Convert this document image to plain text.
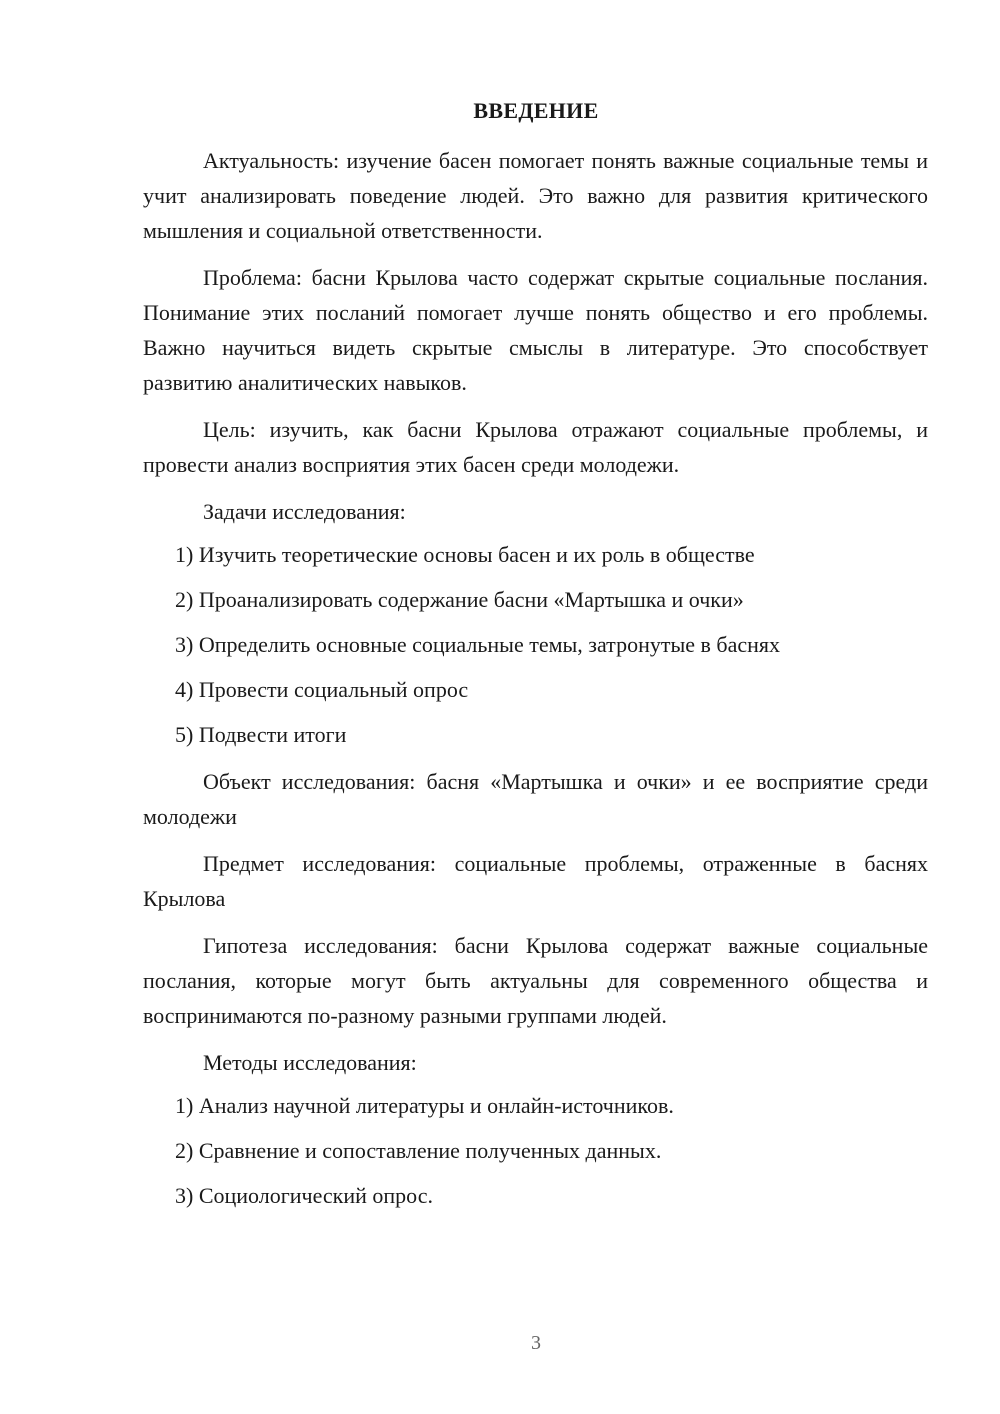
ВВЕДЕНИЕ

Актуальность: изучение басен помогает понять важные социальные темы и учит анализировать поведение людей. Это важно для развития критического мышления и социальной ответственности.

Проблема: басни Крылова часто содержат скрытые социальные послания. Понимание этих посланий помогает лучше понять общество и его проблемы. Важно научиться видеть скрытые смыслы в литературе. Это способствует развитию аналитических навыков.

Цель: изучить, как басни Крылова отражают социальные проблемы, и провести анализ восприятия этих басен среди молодежи.

Задачи исследования:

1) Изучить теоретические основы басен и их роль в обществе
2) Проанализировать содержание басни «Мартышка и очки»
3) Определить основные социальные темы, затронутые в баснях
4) Провести социальный опрос
5) Подвести итоги

Объект исследования: басня «Мартышка и очки» и ее восприятие среди молодежи

Предмет исследования: социальные проблемы, отраженные в баснях Крылова

Гипотеза исследования: басни Крылова содержат важные социальные послания, которые могут быть актуальны для современного общества и воспринимаются по-разному разными группами людей.

Методы исследования:

1) Анализ научной литературы и онлайн-источников.
2) Сравнение и сопоставление полученных данных.
3) Социологический опрос.
3
